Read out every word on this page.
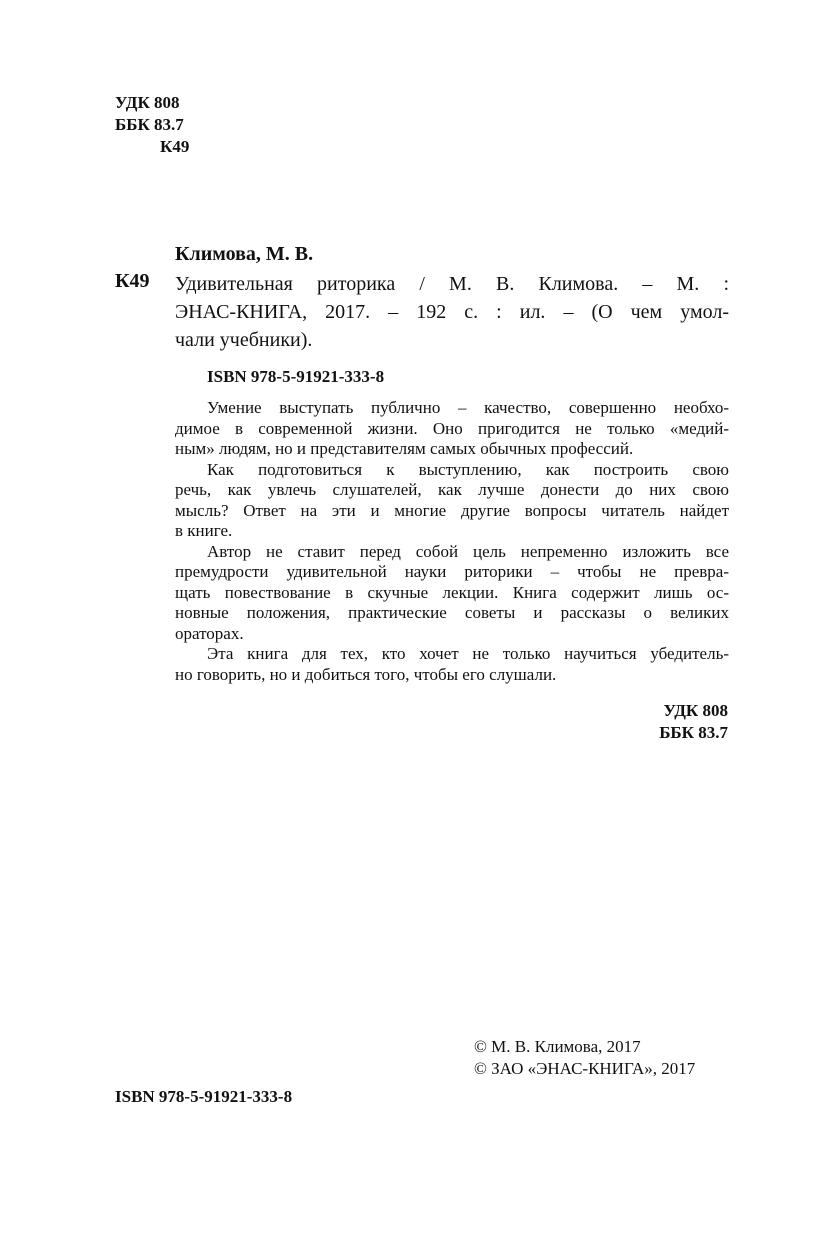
УДК 808
ББК 83.7
К49
Климова, М. В.
К49 Удивительная риторика / М. В. Климова. – М. :
ЭНАС-КНИГА, 2017. – 192 с. : ил. – (О чем умол-
чали учебники).
ISBN 978-5-91921-333-8
Умение выступать публично – качество, совершенно необхо-
димое в современной жизни. Оно пригодится не только «медий-
ным» людям, но и представителям самых обычных профессий.
Как подготовиться к выступлению, как построить свою
речь, как увлечь слушателей, как лучше донести до них свою
мысль? Ответ на эти и многие другие вопросы читатель найдет
в книге.
Автор не ставит перед собой цель непременно изложить все
премудрости удивительной науки риторики – чтобы не превра-
щать повествование в скучные лекции. Книга содержит лишь ос-
новные положения, практические советы и рассказы о великих
ораторах.
Эта книга для тех, кто хочет не только научиться убедитель-
но говорить, но и добиться того, чтобы его слушали.
УДК 808
ББК 83.7
© М. В. Климова, 2017
© ЗАО «ЭНАС-КНИГА», 2017
ISBN 978-5-91921-333-8
